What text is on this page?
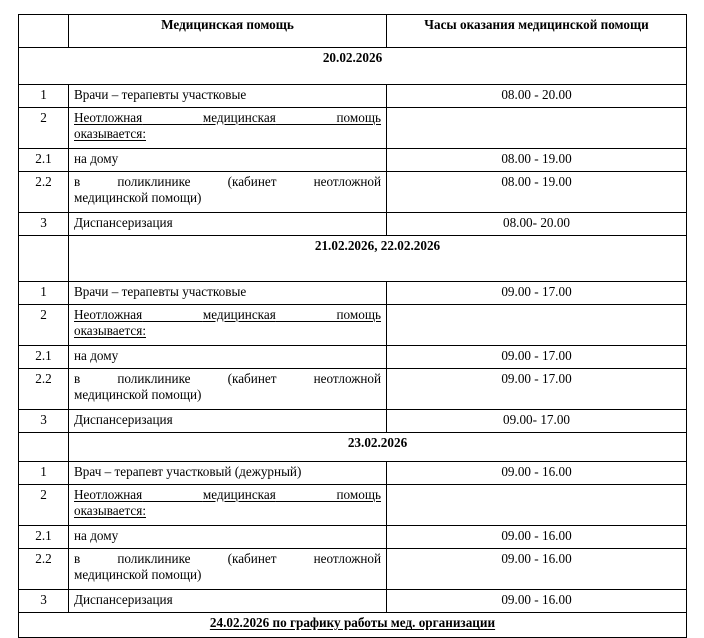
	Медицинская помощь	Часы оказания медицинской помощи
20.02.2026		
1	Врачи – терапевты участковые	08.00 - 20.00
2	Неотложная медицинская помощь
оказывается:	

2.1	на дому	08.00 - 19.00
2.2	в поликлинике (кабинет неотложной
медицинской помощи)	08.00 - 19.00
3	Диспансеризация	08.00- 20.00
	21.02.2026, 22.02.2026	
1	Врачи – терапевты участковые	09.00 - 17.00
2	Неотложная медицинская помощь
оказывается:	

2.1	на дому	09.00 - 17.00
2.2	в поликлинике (кабинет неотложной
медицинской помощи)	09.00 - 17.00
3	Диспансеризация	09.00- 17.00
	23.02.2026	
1	Врач – терапевт участковый (дежурный)	09.00 - 16.00
2	Неотложная медицинская помощь
оказывается:	

2.1	на дому	09.00 - 16.00
2.2	в поликлинике (кабинет неотложной
медицинской помощи)	09.00 - 16.00
3	Диспансеризация	09.00 - 16.00
24.02.2026 по графику работы мед. организации		
